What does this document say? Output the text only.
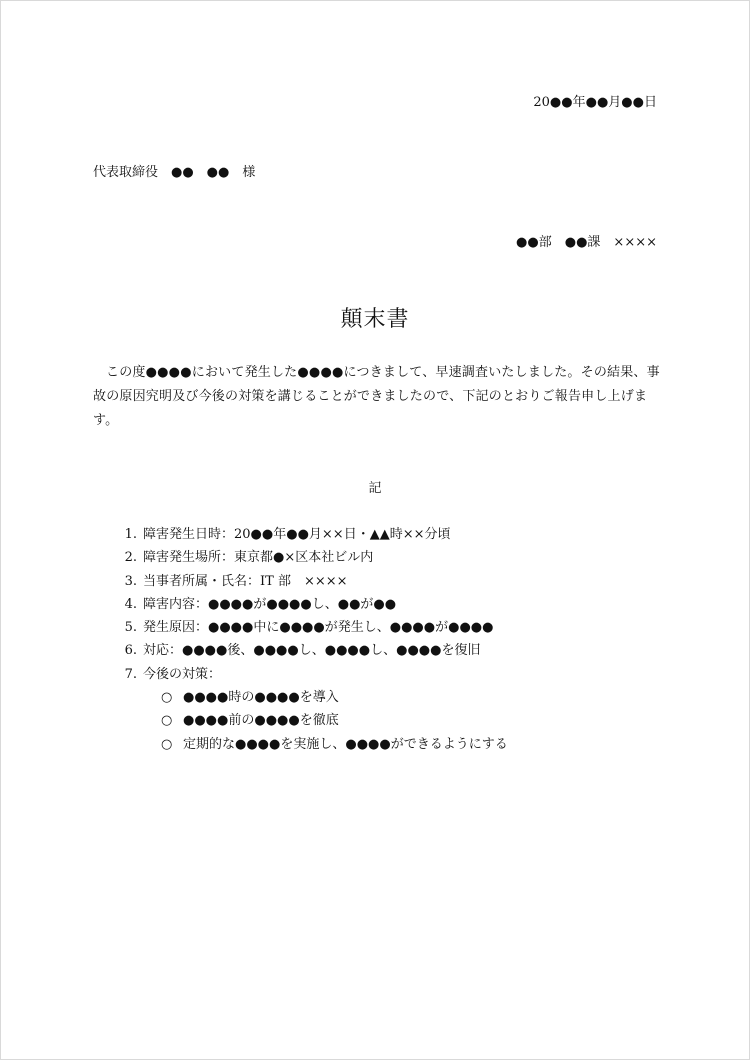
20●●年●●月●●日
代表取締役　●●　●●　様
●●部　●●課　××××
顛末書
この度●●●●において発生した●●●●につきまして、早速調査いたしました。その結果、事故の原因究明及び今後の対策を講じることができましたので、下記のとおりご報告申し上げます。
記
1. 障害発生日時：20●●年●●月××日・▲▲時××分頃
2. 障害発生場所：東京都●×区本社ビル内
3. 当事者所属・氏名：IT 部　××××
4. 障害内容：●●●●が●●●●し、●●が●●
5. 発生原因：●●●●中に●●●●が発生し、●●●●が●●●●
6. 対応：●●●●後、●●●●し、●●●●し、●●●●を復旧
7. 今後の対策：
○ ●●●●時の●●●●を導入
○ ●●●●前の●●●●を徹底
○ 定期的な●●●●を実施し、●●●●ができるようにする
